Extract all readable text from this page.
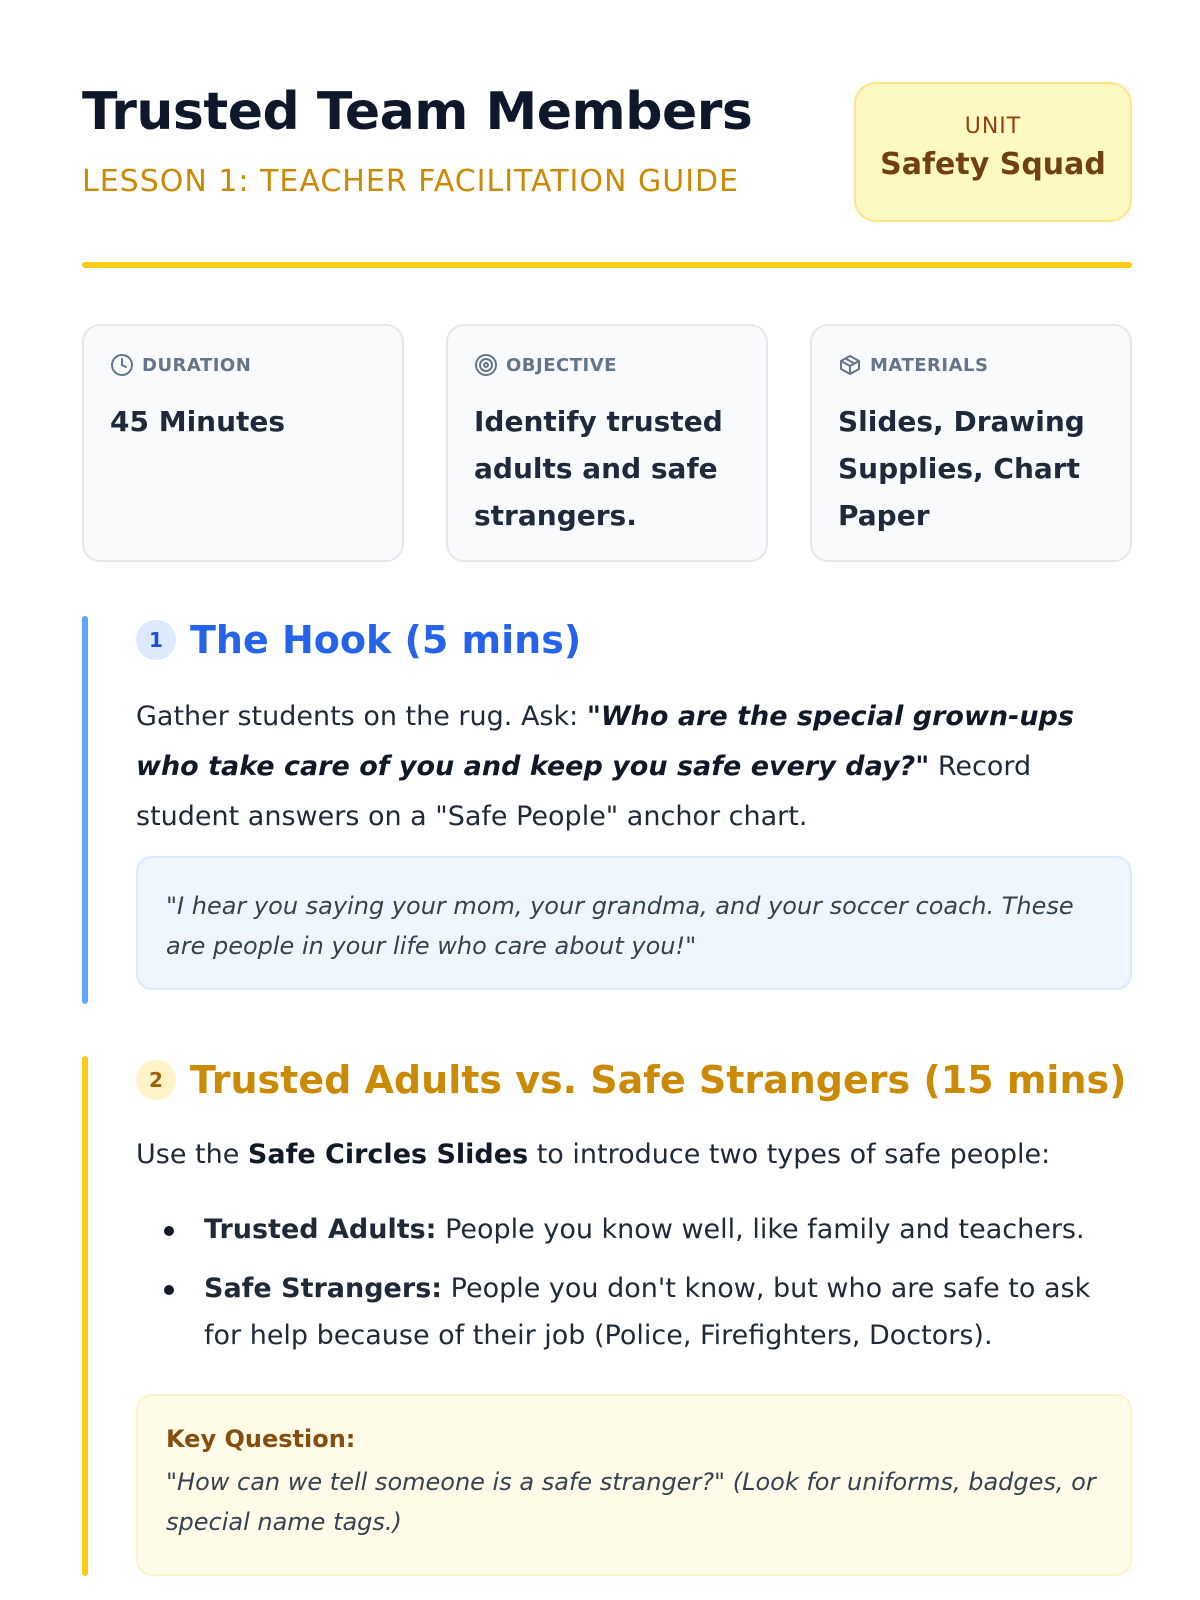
Trusted Team Members
LESSON 1: TEACHER FACILITATION GUIDE
UNIT
Safety Squad
DURATION
45 Minutes
OBJECTIVE
Identify trusted adults and safe strangers.
MATERIALS
Slides, Drawing Supplies, Chart Paper
1 The Hook (5 mins)

Gather students on the rug. Ask: "Who are the special grown-ups who take care of you and keep you safe every day?" Record student answers on a "Safe People" anchor chart.

"I hear you saying your mom, your grandma, and your soccer coach. These are people in your life who care about you!"
2 Trusted Adults vs. Safe Strangers (15 mins)

Use the Safe Circles Slides to introduce two types of safe people:

Trusted Adults: People you know well, like family and teachers.
Safe Strangers: People you don't know, but who are safe to ask for help because of their job (Police, Firefighters, Doctors).
Key Question:
"How can we tell someone is a safe stranger?" (Look for uniforms, badges, or special name tags.)
